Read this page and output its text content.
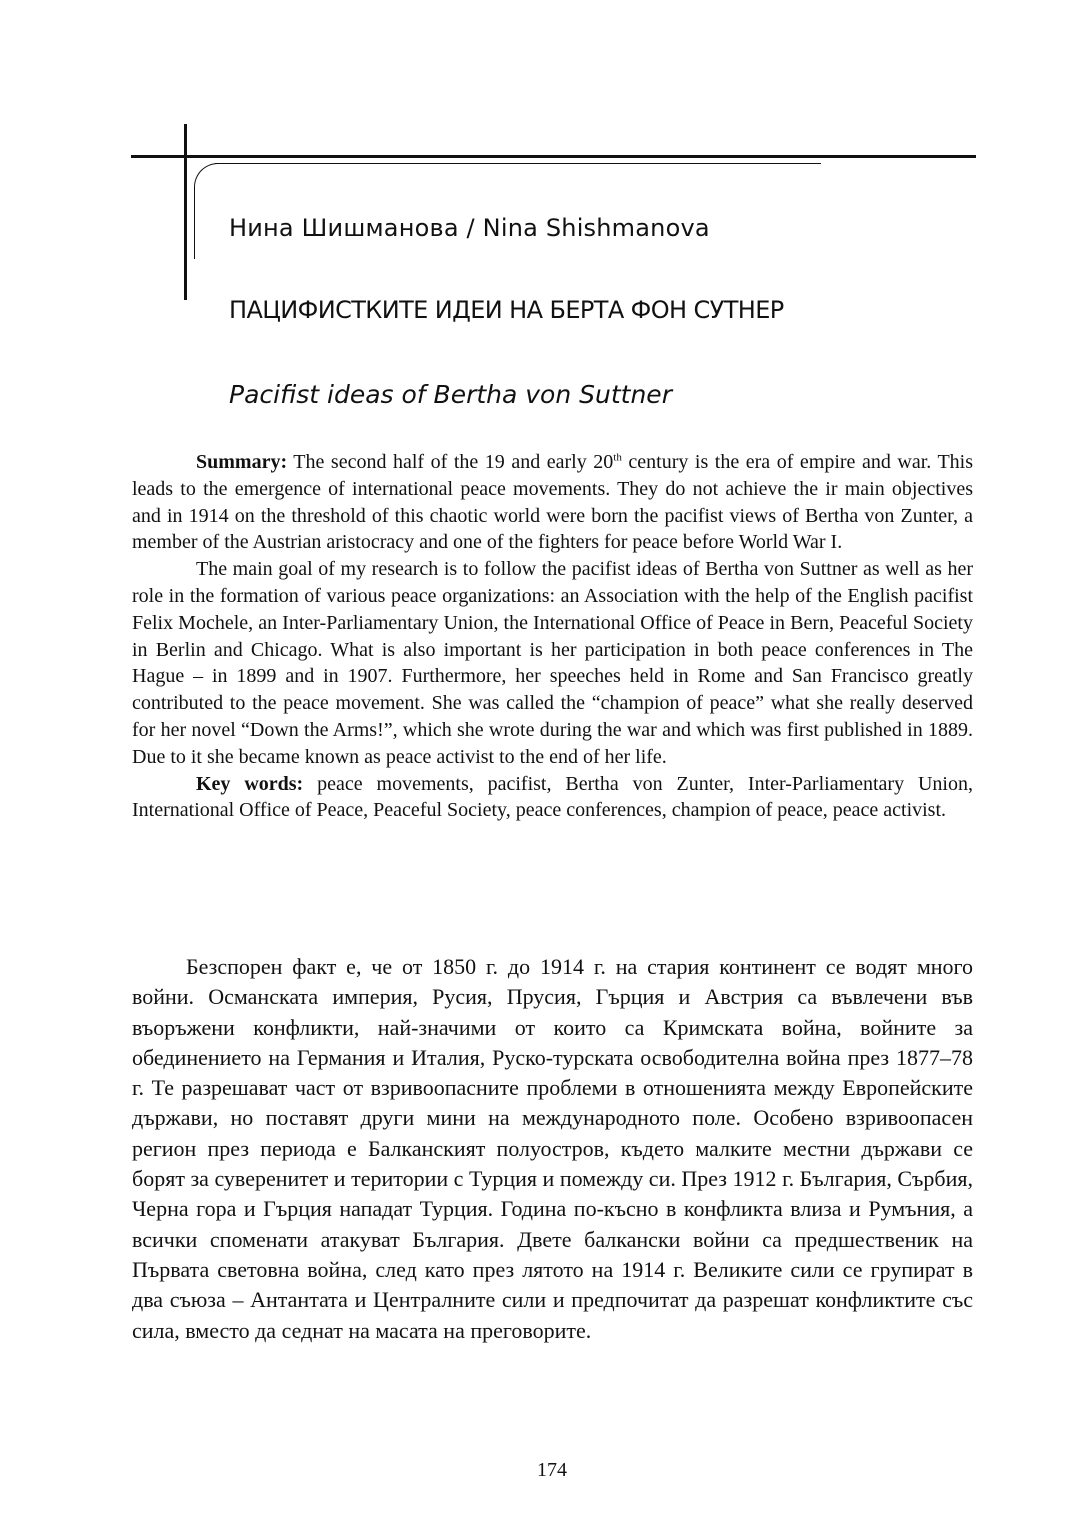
Нина Шишманова / Nina Shishmanova
ПАЦИФИСТКИТЕ ИДЕИ НА БЕРТА ФОН СУТНЕР
Pacifist ideas of Bertha von Suttner

Summary: The second half of the 19 and early 20th century is the era of empire and war. This leads to the emergence of international peace movements. They do not achieve the ir main objectives and in 1914 on the threshold of this chaotic world were born the pacifist views of Bertha von Zunter, a member of the Austrian aristocracy and one of the fighters for peace before World War I.

The main goal of my research is to follow the pacifist ideas of Bertha von Suttner as well as her role in the formation of various peace organizations: an Association with the help of the English pacifist Felix Mochele, an Inter-Parliamentary Union, the International Office of Peace in Bern, Peaceful Society in Berlin and Chicago. What is also important is her participation in both peace conferences in The Hague – in 1899 and in 1907. Furthermore, her speeches held in Rome and San Francisco greatly contributed to the peace movement. She was called the “champion of peace” what she really deserved for her novel “Down the Arms!”, which she wrote during the war and which was first published in 1889. Due to it she became known as peace activist to the end of her life.

Key words: peace movements, pacifist, Bertha von Zunter, Inter-Parliamentary Union, International Office of Peace, Peaceful Society, peace conferences, champion of peace, peace activist.

Безспорен факт е, че от 1850 г. до 1914 г. на стария континент се водят много войни. Османската империя, Русия, Прусия, Гърция и Австрия са въвлечени във въоръжени конфликти, най-значими от които са Кримската война, войните за обединението на Германия и Италия, Руско-турската освободителна война през 1877–78 г. Те разрешават част от взривоопасните проблеми в отношенията между Европейските държави, но поставят други мини на международното поле. Особено взривоопасен регион през периода е Балканският полуостров, където малките местни държави се борят за суверенитет и територии с Турция и помежду си. През 1912 г. България, Сърбия, Черна гора и Гърция нападат Турция. Година по-късно в конфликта влиза и Румъния, а всички споменати атакуват България. Двете балкански войни са предшественик на Първата световна война, след като през лятото на 1914 г. Великите сили се групират в два съюза – Антантата и Централните сили и предпочитат да разрешат конфликтите със сила, вместо да седнат на масата на преговорите.

174
